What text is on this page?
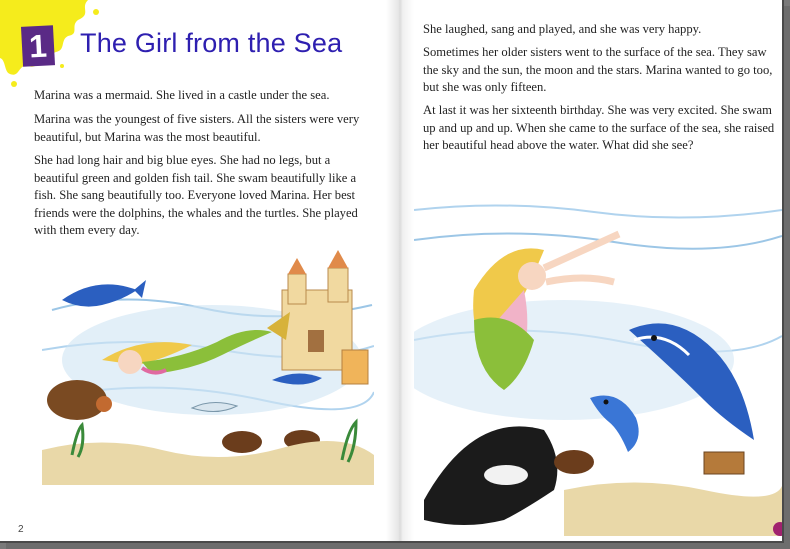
1 The Girl from the Sea

Marina was a mermaid. She lived in a castle under the sea.

Marina was the youngest of five sisters. All the sisters were very beautiful, but Marina was the most beautiful.

She had long hair and big blue eyes. She had no legs, but a beautiful green and golden fish tail. She swam beautifully like a fish. She sang beautifully too. Everyone loved Marina. Her best friends were the dolphins, the whales and the turtles. She played with them every day.

2

She laughed, sang and played, and she was very happy.

Sometimes her older sisters went to the surface of the sea. They saw the sky and the sun, the moon and the stars. Marina wanted to go too, but she was only fifteen.

At last it was her sixteenth birthday. She was very excited. She swam up and up and up. When she came to the surface of the sea, she raised her beautiful head above the water. What did she see?
